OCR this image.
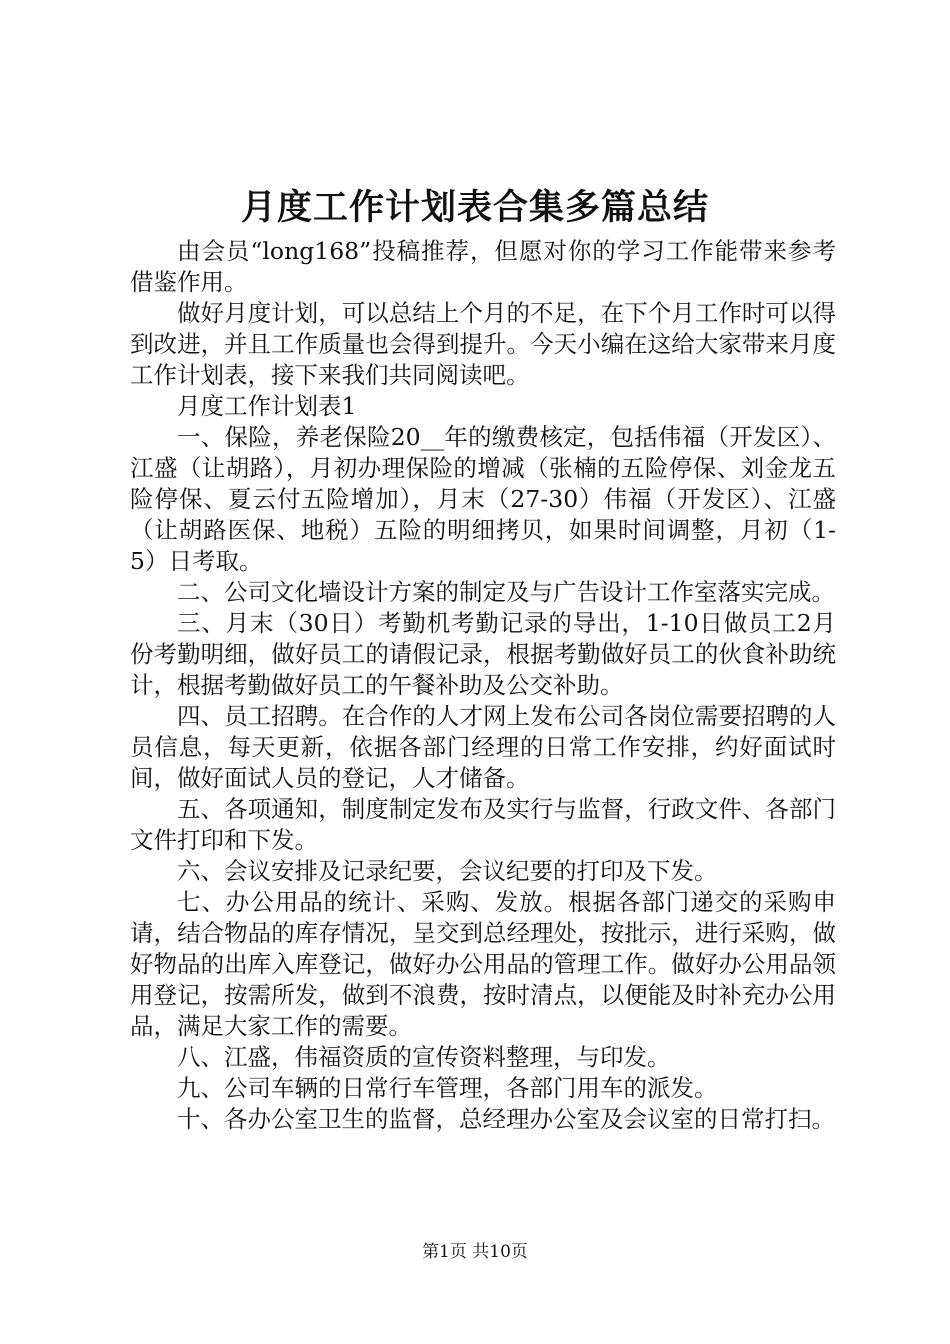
月度工作计划表合集多篇总结

由会员“long168”投稿推荐，但愿对你的学习工作能带来参考借鉴作用。

做好月度计划，可以总结上个月的不足，在下个月工作时可以得到改进，并且工作质量也会得到提升。今天小编在这给大家带来月度工作计划表，接下来我们共同阅读吧。

月度工作计划表1

一、保险，养老保险20__年的缴费核定，包括伟福（开发区）、江盛（让胡路），月初办理保险的增减（张楠的五险停保、刘金龙五险停保、夏云付五险增加），月末（27-30）伟福（开发区）、江盛（让胡路医保、地税）五险的明细拷贝，如果时间调整，月初（1-5）日考取。

二、公司文化墙设计方案的制定及与广告设计工作室落实完成。

三、月末（30日）考勤机考勤记录的导出，1-10日做员工2月份考勤明细，做好员工的请假记录，根据考勤做好员工的伙食补助统计，根据考勤做好员工的午餐补助及公交补助。

四、员工招聘。在合作的人才网上发布公司各岗位需要招聘的人员信息，每天更新，依据各部门经理的日常工作安排，约好面试时间，做好面试人员的登记，人才储备。

五、各项通知，制度制定发布及实行与监督，行政文件、各部门文件打印和下发。

六、会议安排及记录纪要，会议纪要的打印及下发。

七、办公用品的统计、采购、发放。根据各部门递交的采购申请，结合物品的库存情况，呈交到总经理处，按批示，进行采购，做好物品的出库入库登记，做好办公用品的管理工作。做好办公用品领用登记，按需所发，做到不浪费，按时清点，以便能及时补充办公用品，满足大家工作的需要。

八、江盛，伟福资质的宣传资料整理，与印发。

九、公司车辆的日常行车管理，各部门用车的派发。

十、各办公室卫生的监督，总经理办公室及会议室的日常打扫。

第1页 共10页
